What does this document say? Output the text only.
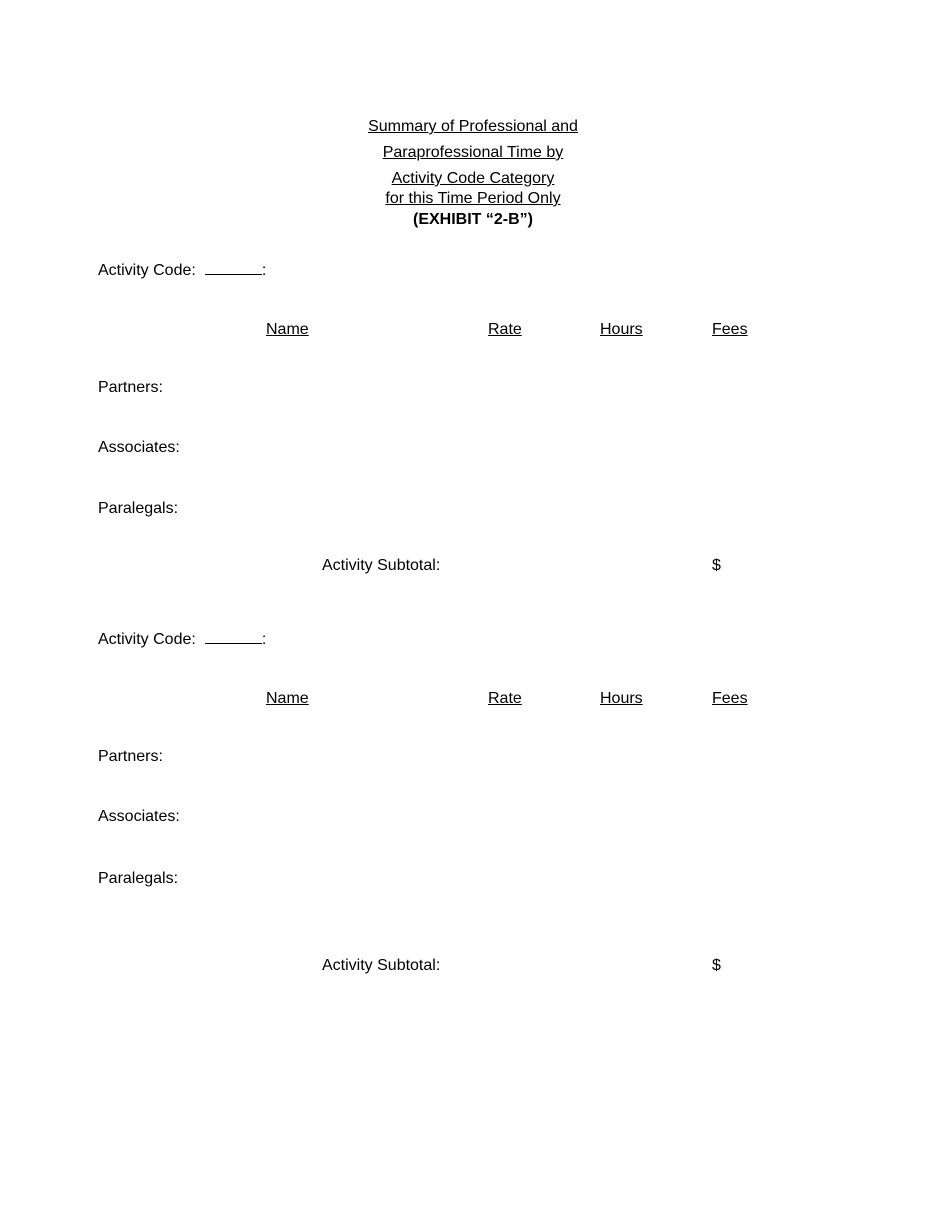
Summary of Professional and
Paraprofessional Time by
Activity Code Category
for this Time Period Only
(EXHIBIT “2-B”)
Activity Code:	:
Name	Rate	Hours	Fees
Partners:
Associates:
Paralegals:
Activity Subtotal:	$
Activity Code:	:
Name	Rate	Hours	Fees
Partners:
Associates:
Paralegals:
Activity Subtotal:	$
